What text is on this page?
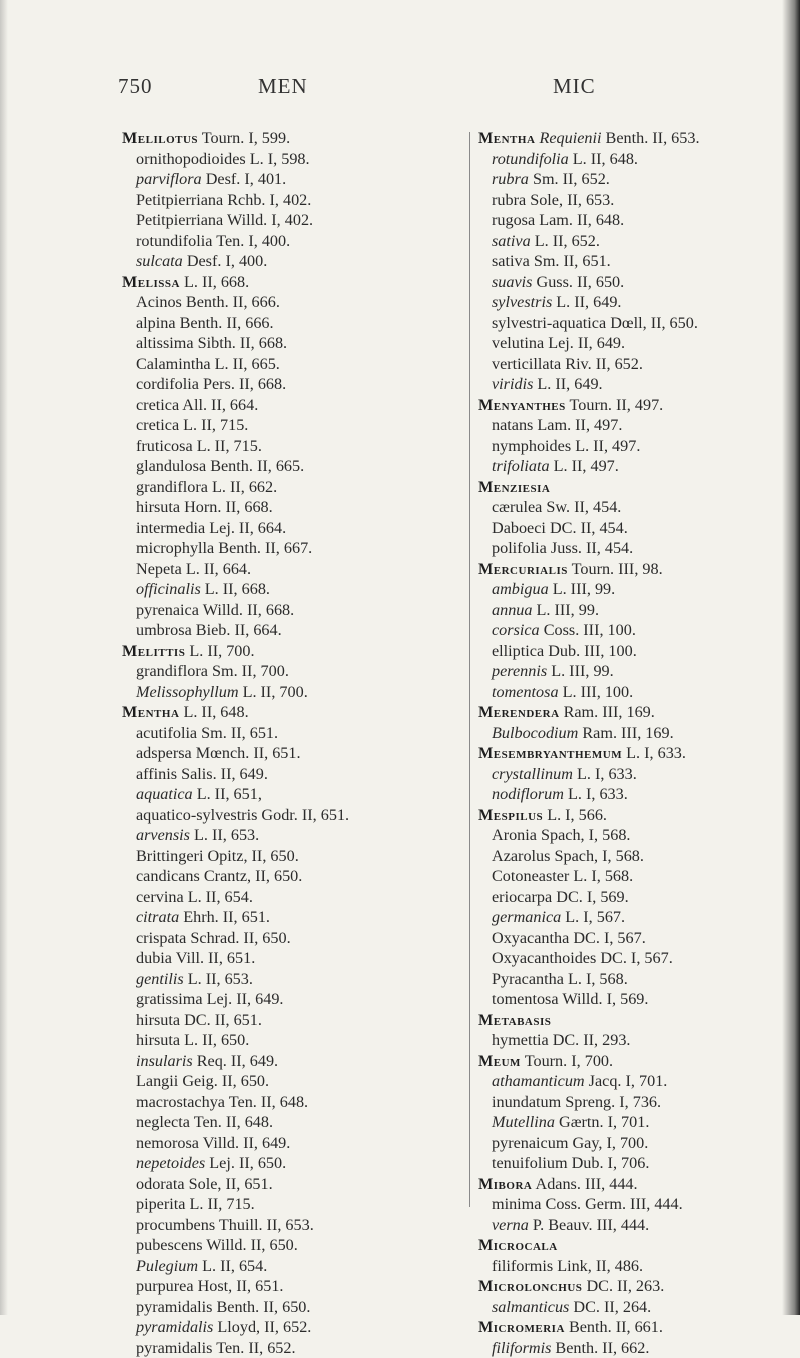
750	MEN	MIC
Melilotus Tourn. I, 599.
ornithopodioides L. I, 598.
parviflora Desf. I, 401.
Petitpierriana Rchb. I, 402.
Petitpierriana Willd. I, 402.
rotundifolia Ten. I, 400.
sulcata Desf. I, 400.
Melissa L. II, 668.
Acinos Benth. II, 666.
alpina Benth. II, 666.
altissima Sibth. II, 668.
Calamintha L. II, 665.
cordifolia Pers. II, 668.
cretica All. II, 664.
cretica L. II, 715.
fruticosa L. II, 715.
glandulosa Benth. II, 665.
grandiflora L. II, 662.
hirsuta Horn. II, 668.
intermedia Lej. II, 664.
microphylla Benth. II, 667.
Nepeta L. II, 664.
officinalis L. II, 668.
pyrenaica Willd. II, 668.
umbrosa Bieb. II, 664.
Melittis L. II, 700.
grandiflora Sm. II, 700.
Melissophyllum L. II, 700.
Mentha L. II, 648.
acutifolia Sm. II, 651.
adspersa Mœnch. II, 651.
affinis Salis. II, 649.
aquatica L. II, 651,
aquatico-sylvestris Godr. II, 651.
arvensis L. II, 653.
Brittingeri Opitz, II, 650.
candicans Crantz, II, 650.
cervina L. II, 654.
citrata Ehrh. II, 651.
crispata Schrad. II, 650.
dubia Vill. II, 651.
gentilis L. II, 653.
gratissima Lej. II, 649.
hirsuta DC. II, 651.
hirsuta L. II, 650.
insularis Req. II, 649.
Langii Geig. II, 650.
macrostachya Ten. II, 648.
neglecta Ten. II, 648.
nemorosa Villd. II, 649.
nepetoides Lej. II, 650.
odorata Sole, II, 651.
piperita L. II, 715.
procumbens Thuill. II, 653.
pubescens Willd. II, 650.
Pulegium L. II, 654.
purpurea Host, II, 651.
pyramidalis Benth. II, 650.
pyramidalis Lloyd, II, 652.
pyramidalis Ten. II, 652.
Mentha Requienii Benth. II, 653.
rotundifolia L. II, 648.
rubra Sm. II, 652.
rubra Sole, II, 653.
rugosa Lam. II, 648.
sativa L. II, 652.
sativa Sm. II, 651.
suavis Guss. II, 650.
sylvestris L. II, 649.
sylvestri-aquatica Dœll, II, 650.
velutina Lej. II, 649.
verticillata Riv. II, 652.
viridis L. II, 649.
Menyanthes Tourn. II, 497.
natans Lam. II, 497.
nymphoides L. II, 497.
trifoliata L. II, 497.
Menziesia
cærulea Sw. II, 454.
Daboeci DC. II, 454.
polifolia Juss. II, 454.
Mercurialis Tourn. III, 98.
ambigua L. III, 99.
annua L. III, 99.
corsica Coss. III, 100.
elliptica Dub. III, 100.
perennis L. III, 99.
tomentosa L. III, 100.
Merendera Ram. III, 169.
Bulbocodium Ram. III, 169.
Mesembryanthemum L. I, 633.
crystallinum L. I, 633.
nodiflorum L. I, 633.
Mespilus L. I, 566.
Aronia Spach, I, 568.
Azarolus Spach, I, 568.
Cotoneaster L. I, 568.
eriocarpa DC. I, 569.
germanica L. I, 567.
Oxyacantha DC. I, 567.
Oxyacanthoides DC. I, 567.
Pyracantha L. I, 568.
tomentosa Willd. I, 569.
Metabasis
hymettia DC. II, 293.
Meum Tourn. I, 700.
athamanticum Jacq. I, 701.
inundatum Spreng. I, 736.
Mutellina Gærtn. I, 701.
pyrenaicum Gay, I, 700.
tenuifolium Dub. I, 706.
Mibora Adans. III, 444.
minima Coss. Germ. III, 444.
verna P. Beauv. III, 444.
Microcala
filiformis Link, II, 486.
Microlonchus DC. II, 263.
salmanticus DC. II, 264.
Micromeria Benth. II, 661.
filiformis Benth. II, 662.
